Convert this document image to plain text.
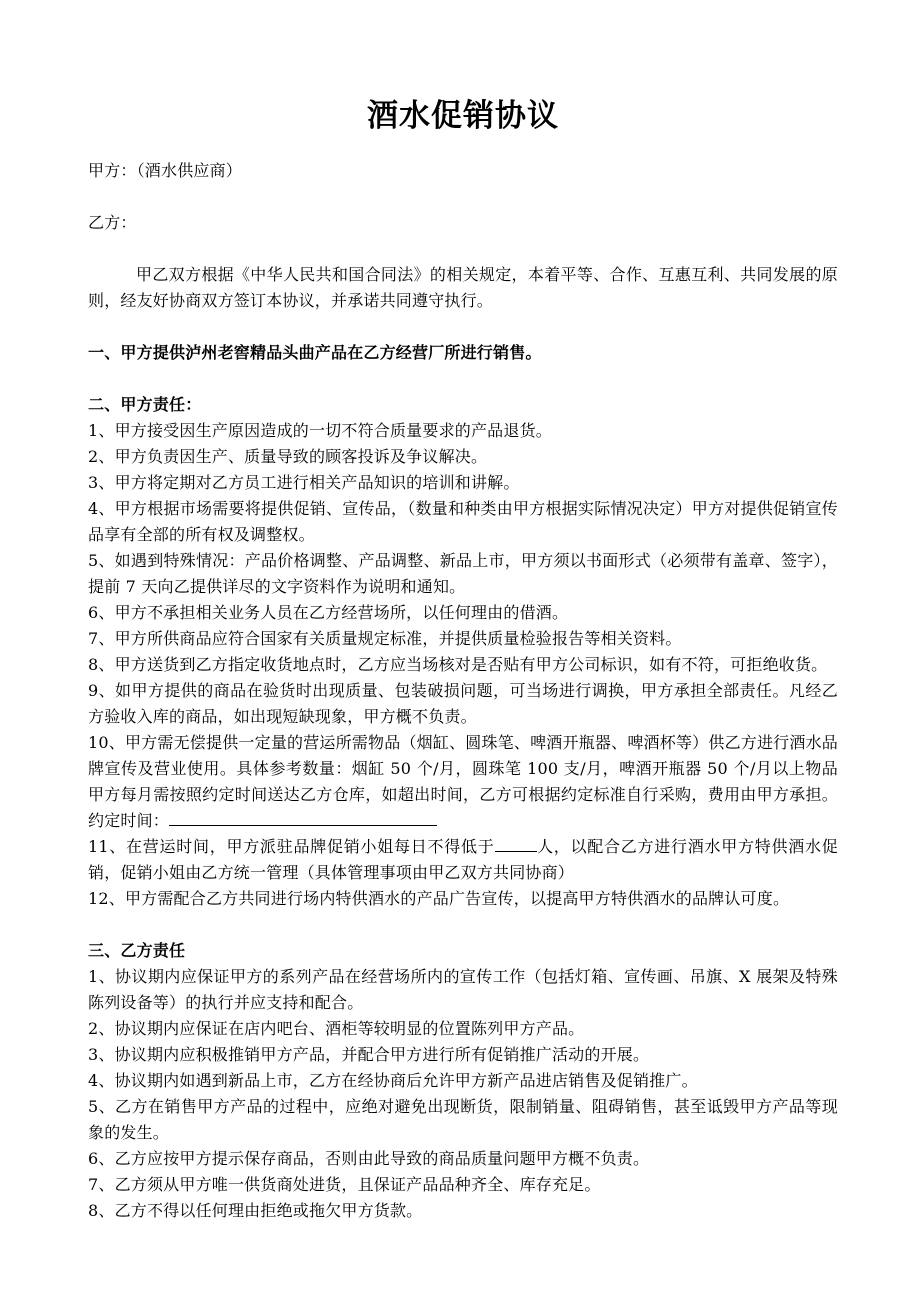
酒水促销协议

甲方：（酒水供应商）

乙方：

甲乙双方根据《中华人民共和国合同法》的相关规定，本着平等、合作、互惠互利、共同发展的原则，经友好协商双方签订本协议，并承诺共同遵守执行。

一、甲方提供泸州老窖精品头曲产品在乙方经营厂所进行销售。

二、甲方责任：

1、甲方接受因生产原因造成的一切不符合质量要求的产品退货。

2、甲方负责因生产、质量导致的顾客投诉及争议解决。

3、甲方将定期对乙方员工进行相关产品知识的培训和讲解。

4、甲方根据市场需要将提供促销、宣传品，（数量和种类由甲方根据实际情况决定）甲方对提供促销宣传品享有全部的所有权及调整权。

5、如遇到特殊情况：产品价格调整、产品调整、新品上市，甲方须以书面形式（必须带有盖章、签字），提前 7 天向乙提供详尽的文字资料作为说明和通知。

6、甲方不承担相关业务人员在乙方经营场所，以任何理由的借酒。

7、甲方所供商品应符合国家有关质量规定标准，并提供质量检验报告等相关资料。

8、甲方送货到乙方指定收货地点时，乙方应当场核对是否贴有甲方公司标识，如有不符，可拒绝收货。

9、如甲方提供的商品在验货时出现质量、包装破损问题，可当场进行调换，甲方承担全部责任。凡经乙方验收入库的商品，如出现短缺现象，甲方概不负责。

10、甲方需无偿提供一定量的营运所需物品（烟缸、圆珠笔、啤酒开瓶器、啤酒杯等）供乙方进行酒水品牌宣传及营业使用。具体参考数量：烟缸 50 个/月，圆珠笔 100 支/月，啤酒开瓶器 50 个/月以上物品甲方每月需按照约定时间送达乙方仓库，如超出时间，乙方可根据约定标准自行采购，费用由甲方承担。约定时间：

11、在营运时间，甲方派驻品牌促销小姐每日不得低于	人，以配合乙方进行酒水甲方特供酒水促销，促销小姐由乙方统一管理（具体管理事项由甲乙双方共同协商）

12、甲方需配合乙方共同进行场内特供酒水的产品广告宣传，以提高甲方特供酒水的品牌认可度。

三、乙方责任

1、协议期内应保证甲方的系列产品在经营场所内的宣传工作（包括灯箱、宣传画、吊旗、X 展架及特殊陈列设备等）的执行并应支持和配合。

2、协议期内应保证在店内吧台、酒柜等较明显的位置陈列甲方产品。

3、协议期内应积极推销甲方产品，并配合甲方进行所有促销推广活动的开展。

4、协议期内如遇到新品上市，乙方在经协商后允许甲方新产品进店销售及促销推广。

5、乙方在销售甲方产品的过程中，应绝对避免出现断货，限制销量、阻碍销售，甚至诋毁甲方产品等现象的发生。

6、乙方应按甲方提示保存商品，否则由此导致的商品质量问题甲方概不负责。

7、乙方须从甲方唯一供货商处进货，且保证产品品种齐全、库存充足。

8、乙方不得以任何理由拒绝或拖欠甲方货款。
